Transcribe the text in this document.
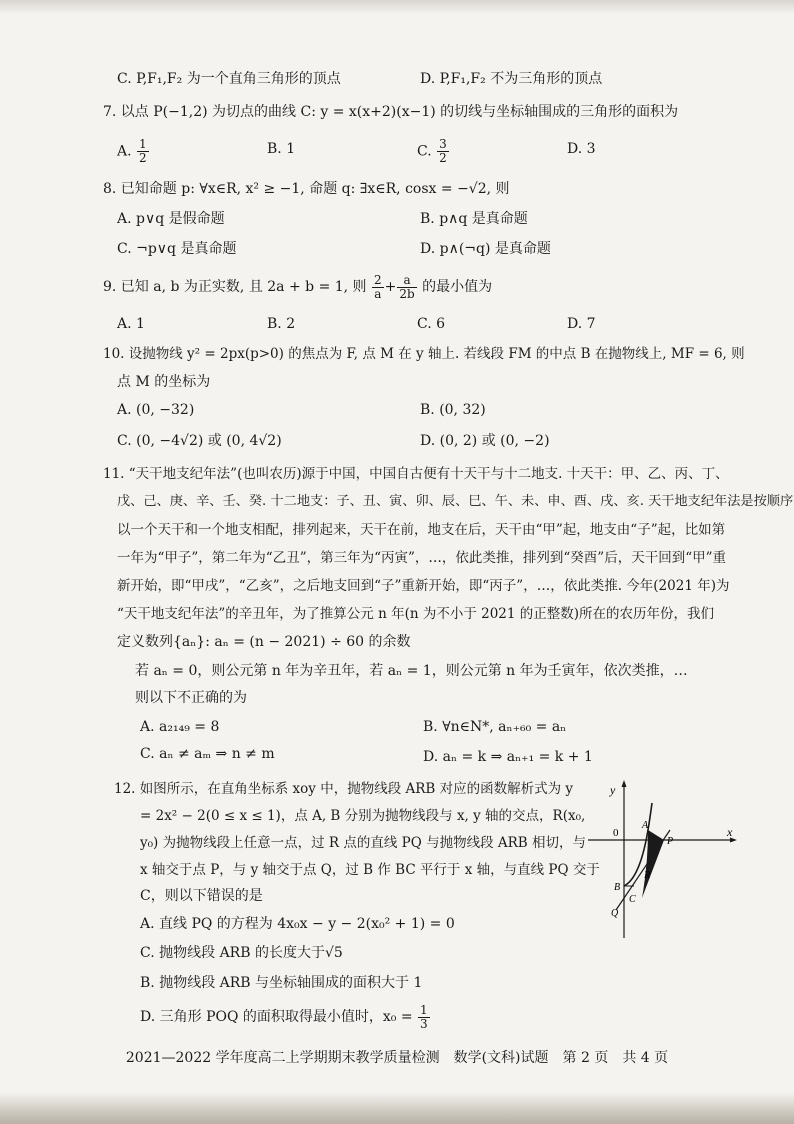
C. P,F₁,F₂ 为一个直角三角形的顶点	D. P,F₁,F₂ 不为三角形的顶点
7. 以点 P(−1,2) 为切点的曲线 C: y = x(x+2)(x−1) 的切线与坐标轴围成的三角形的面积为
A. $\frac{1}{2}$	B. 1	C. $\frac{3}{2}$	D. 3
8. 已知命题 p: ∀x∈R, x² ≥ −1, 命题 q: ∃x∈R, cosx = −√2, 则
A. p∨q 是假命题	B. p∧q 是真命题
C. ¬p∨q 是真命题	D. p∧(¬q) 是真命题
9. 已知 a, b 为正实数, 且 2a + b = 1, 则 $\frac{2}{a} + \frac{a}{2b}$ 的最小值为
A. 1	B. 2	C. 6	D. 7
10. 设抛物线 y² = 2px(p>0) 的焦点为 F, 点 M 在 y 轴上. 若线段 FM 的中点 B 在抛物线上, MF = 6, 则
点 M 的坐标为
A. (0, −32)	B. (0, 32)
C. (0, −4√2) 或 (0, 4√2)	D. (0, 2) 或 (0, −2)
11. “天干地支纪年法”(也叫农历)源于中国，中国自古便有十天干与十二地支. 十天干：甲、乙、丙、丁、
戊、己、庚、辛、壬、癸. 十二地支：子、丑、寅、卯、辰、巳、午、未、申、酉、戌、亥. 天干地支纪年法是按顺序
以一个天干和一个地支相配，排列起来，天干在前，地支在后，天干由“甲”起，地支由“子”起，比如第
一年为“甲子”，第二年为“乙丑”，第三年为“丙寅”，…，依此类推，排列到“癸酉”后，天干回到“甲”重
新开始，即“甲戌”，“乙亥”，之后地支回到“子”重新开始，即“丙子”，…，依此类推. 今年(2021 年)为
“天干地支纪年法”的辛丑年，为了推算公元 n 年(n 为不小于 2021 的正整数)所在的农历年份，我们
定义数列{aₙ}: aₙ = (n − 2021) ÷ 60 的余数
若 aₙ = 0，则公元第 n 年为辛丑年，若 aₙ = 1，则公元第 n 年为壬寅年，依次类推，…
则以下不正确的为
A. a₂₁₄₉ = 8	B. ∀n∈N*, aₙ₊₆₀ = aₙ
C. aₙ ≠ aₘ ⇒ n ≠ m	D. aₙ = k ⇒ aₙ₊₁ = k + 1
12. 如图所示，在直角坐标系 xoy 中，抛物线段 ARB 对应的函数解析式为 y
= 2x² − 2(0 ≤ x ≤ 1)，点 A, B 分别为抛物线段与 x, y 轴的交点，R(x₀,
y₀) 为抛物线段上任意一点，过 R 点的直线 PQ 与抛物线段 ARB 相切，与
x 轴交于点 P，与 y 轴交于点 Q，过 B 作 BC 平行于 x 轴，与直线 PQ 交于
C，则以下错误的是
A. 直线 PQ 的方程为 4x₀x − y − 2(x₀² + 1) = 0
C. 抛物线段 ARB 的长度大于√5
B. 抛物线段 ARB 与坐标轴围成的面积大于 1
D. 三角形 POQ 的面积取得最小值时，$x_0 = \frac{1}{3}$
y
x
0
A
P
R
B
C
Q
2021—2022 学年度高二上学期期末教学质量检测　数学(文科)试题　第 2 页　共 4 页
